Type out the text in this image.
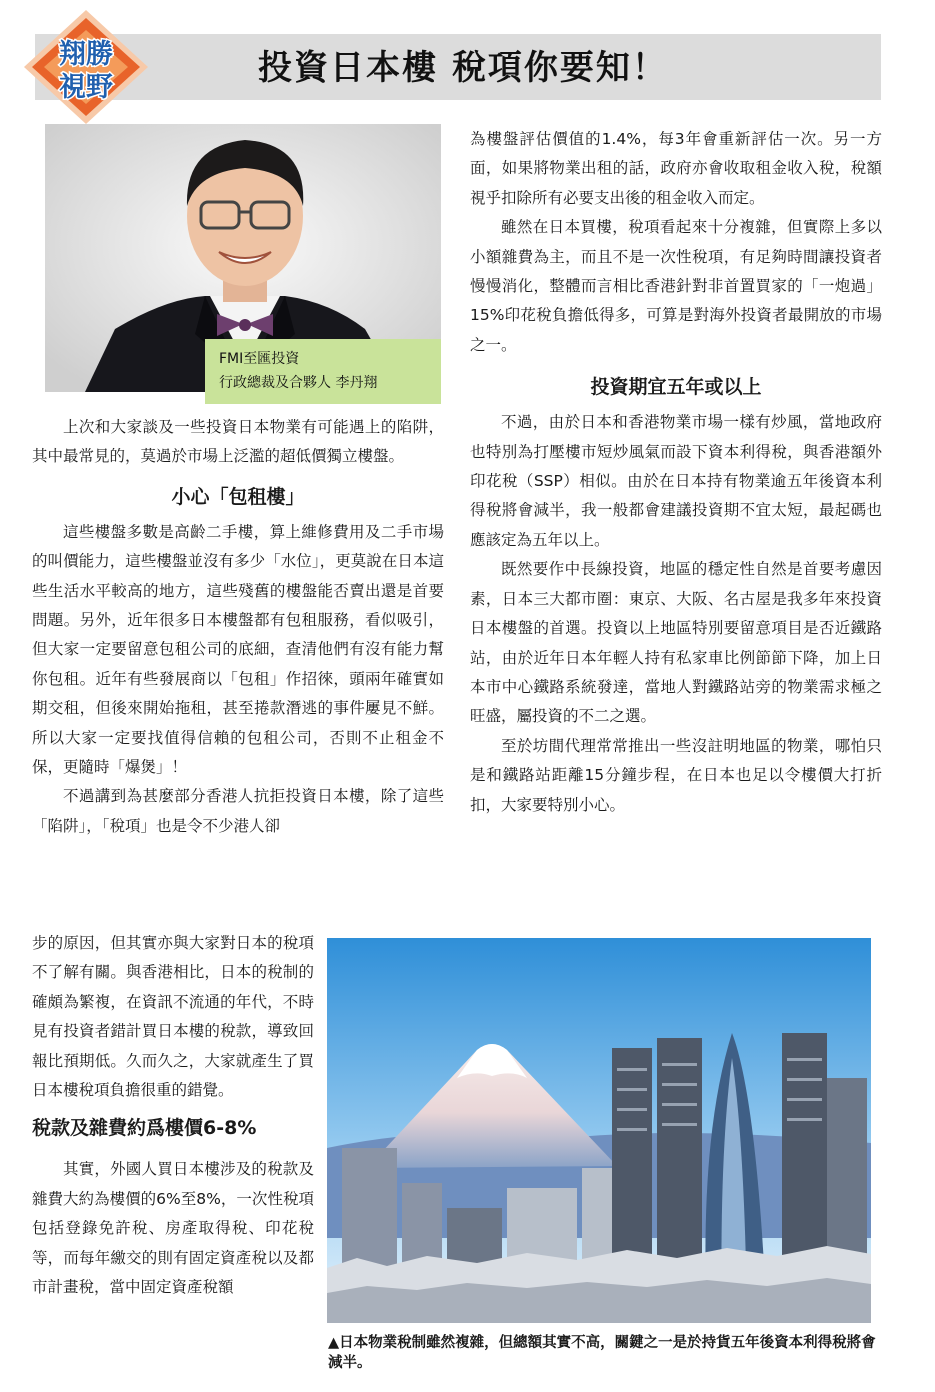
翔勝
視野	投資日本樓 稅項你要知！
FMI至匯投資
行政總裁及合夥人 李丹翔

上次和大家談及一些投資日本物業有可能遇上的陷阱，其中最常見的，莫過於市場上泛濫的超低價獨立樓盤。

小心「包租樓」

這些樓盤多數是高齡二手樓，算上維修費用及二手市場的叫價能力，這些樓盤並沒有多少「水位」，更莫說在日本這些生活水平較高的地方，這些殘舊的樓盤能否賣出還是首要問題。另外，近年很多日本樓盤都有包租服務，看似吸引，但大家一定要留意包租公司的底細，查清他們有沒有能力幫你包租。近年有些發展商以「包租」作招徠，頭兩年確實如期交租，但後來開始拖租，甚至捲款潛逃的事件屢見不鮮。所以大家一定要找值得信賴的包租公司，否則不止租金不保，更隨時「爆煲」！

不過講到為甚麼部分香港人抗拒投資日本樓，除了這些「陷阱」，「稅項」也是令不少港人卻

步的原因，但其實亦與大家對日本的稅項不了解有關。與香港相比，日本的稅制的確頗為繁複，在資訊不流通的年代，不時見有投資者錯計買日本樓的稅款，導致回報比預期低。久而久之，大家就產生了買日本樓稅項負擔很重的錯覺。

稅款及雜費約爲樓價6-8%

其實，外國人買日本樓涉及的稅款及雜費大約為樓價的6%至8%，一次性稅項包括登錄免許稅、房產取得稅、印花稅等，而每年繳交的則有固定資產稅以及都市計畫稅，當中固定資產稅額

為樓盤評估價值的1.4%，每3年會重新評估一次。另一方面，如果將物業出租的話，政府亦會收取租金收入稅，稅額視乎扣除所有必要支出後的租金收入而定。

雖然在日本買樓，稅項看起來十分複雜，但實際上多以小額雜費為主，而且不是一次性稅項，有足夠時間讓投資者慢慢消化，整體而言相比香港針對非首置買家的「一炮過」15%印花稅負擔低得多，可算是對海外投資者最開放的市場之一。

投資期宜五年或以上

不過，由於日本和香港物業市場一樣有炒風，當地政府也特別為打壓樓市短炒風氣而設下資本利得稅，與香港額外印花稅（SSP）相似。由於在日本持有物業逾五年後資本利得稅將會減半，我一般都會建議投資期不宜太短，最起碼也應該定為五年以上。

既然要作中長線投資，地區的穩定性自然是首要考慮因素，日本三大都市圈：東京、大阪、名古屋是我多年來投資日本樓盤的首選。投資以上地區特別要留意項目是否近鐵路站，由於近年日本年輕人持有私家車比例節節下降，加上日本市中心鐵路系統發達，當地人對鐵路站旁的物業需求極之旺盛，屬投資的不二之選。

至於坊間代理常常推出一些沒註明地區的物業，哪怕只是和鐵路站距離15分鐘步程，在日本也足以令樓價大打折扣，大家要特別小心。

▲日本物業稅制雖然複雜，但總額其實不高，關鍵之一是於持貨五年後資本利得稅將會減半。
